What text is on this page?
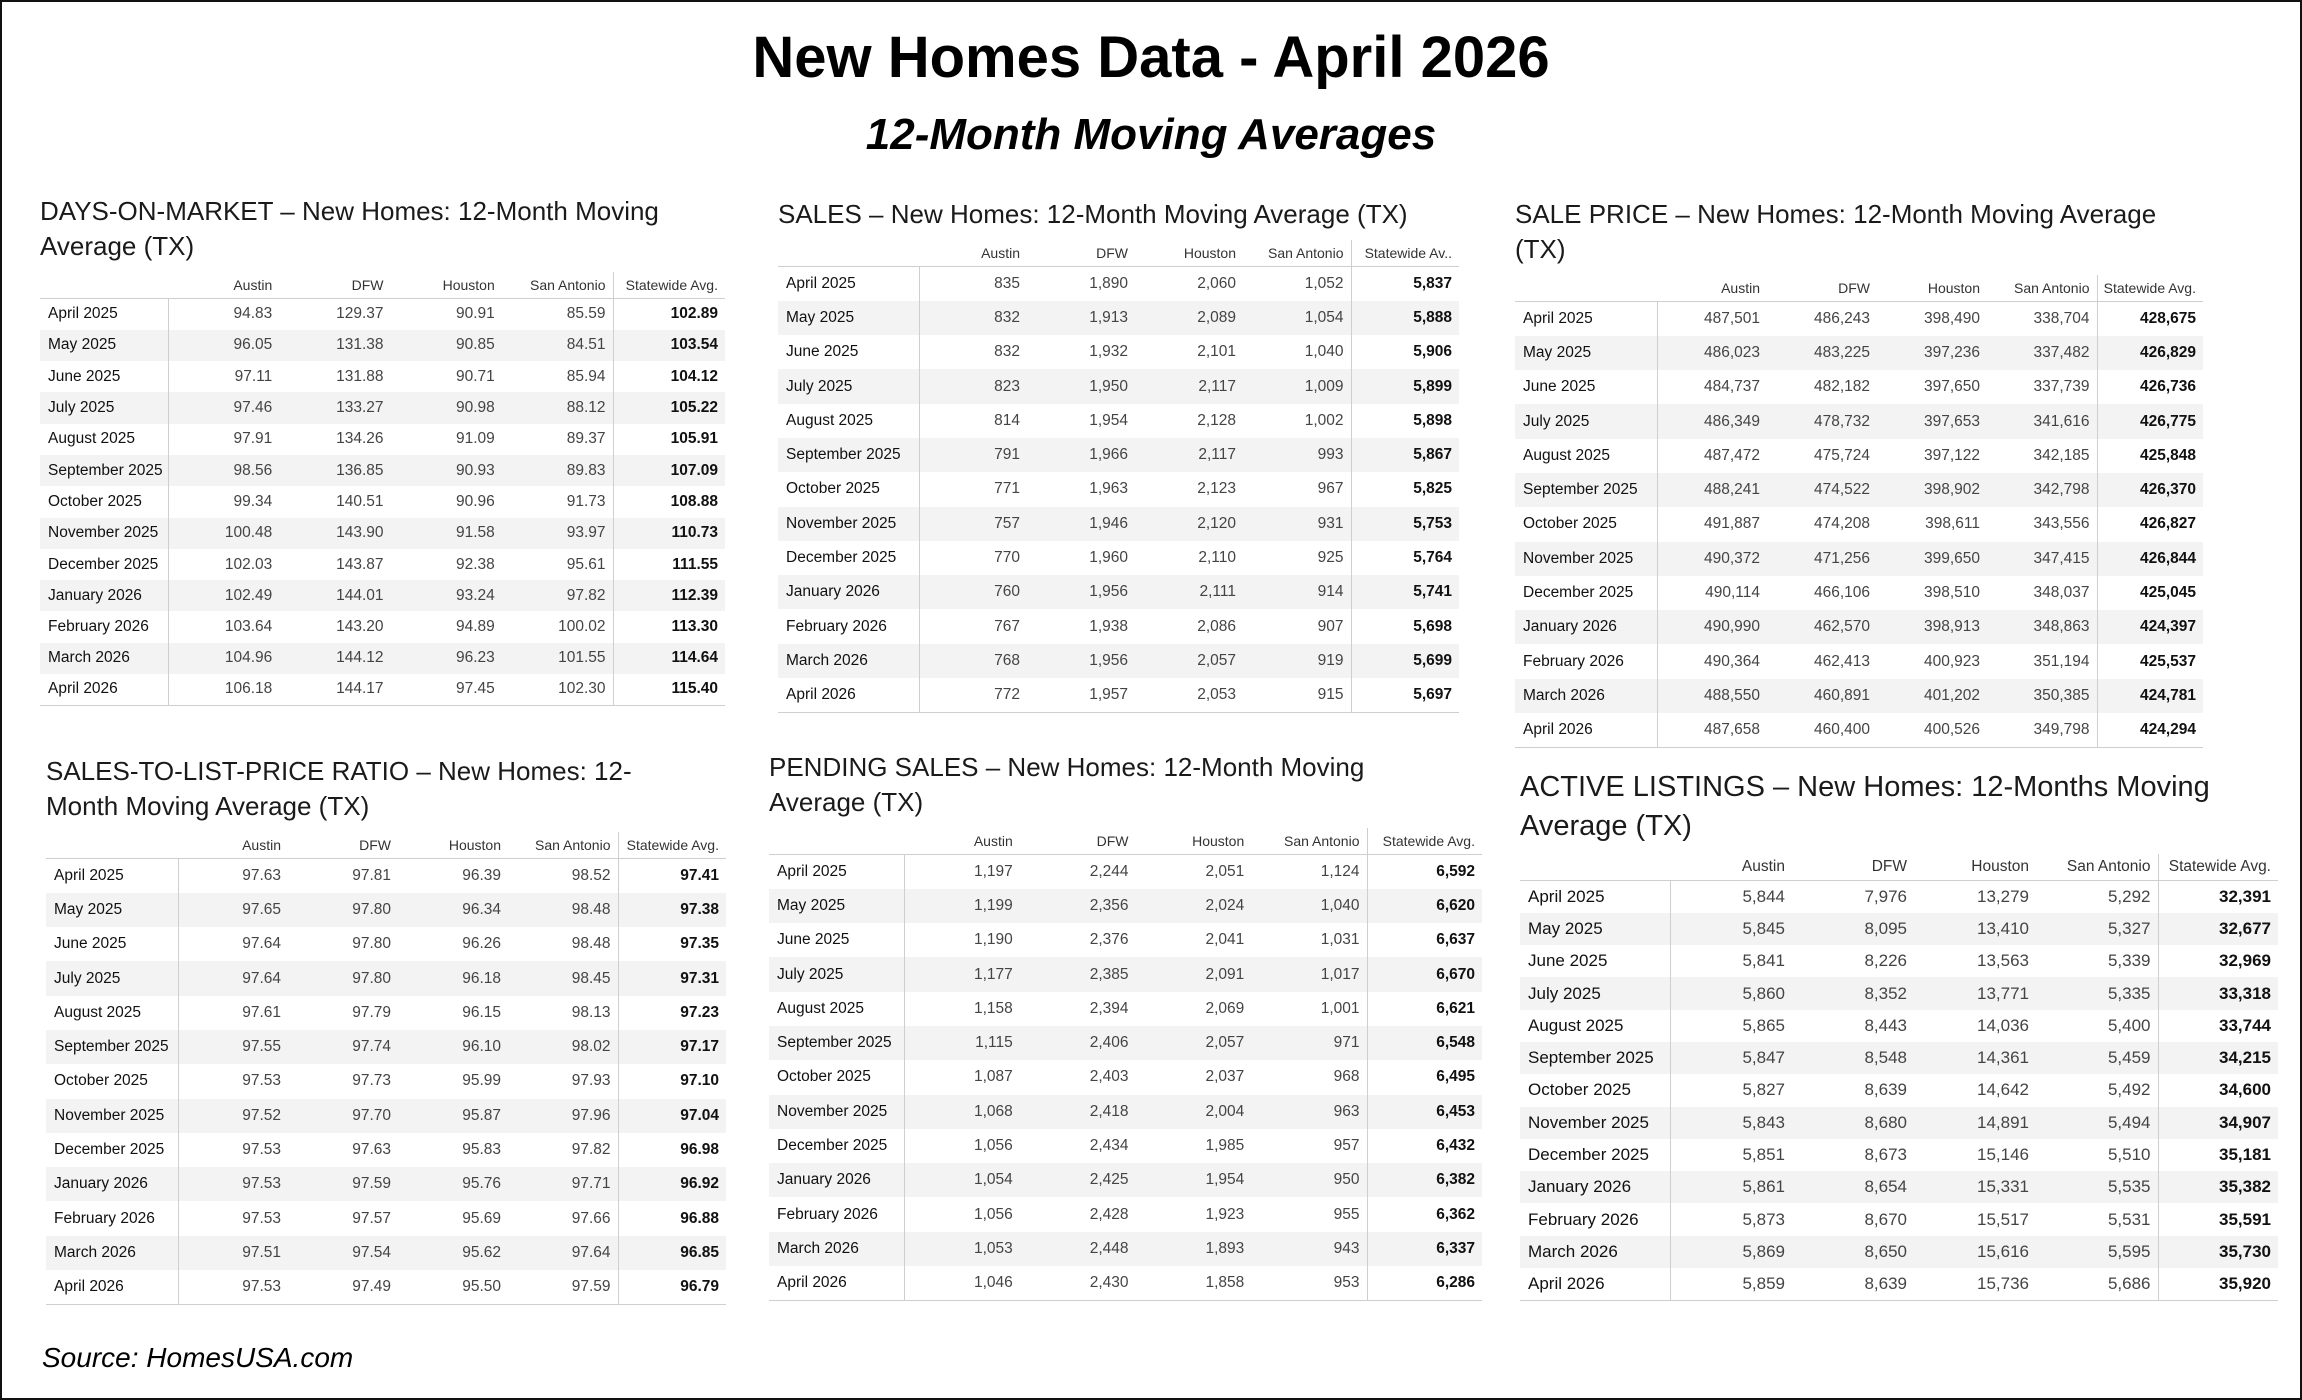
New Homes Data - April 2026
12-Month Moving Averages
DAYS-ON-MARKET – New Homes: 12-Month Moving Average (TX)
	Austin	DFW	Houston	San Antonio	Statewide Avg.
April 2025	94.83	129.37	90.91	85.59	102.89
May 2025	96.05	131.38	90.85	84.51	103.54
June 2025	97.11	131.88	90.71	85.94	104.12
July 2025	97.46	133.27	90.98	88.12	105.22
August 2025	97.91	134.26	91.09	89.37	105.91
September 2025	98.56	136.85	90.93	89.83	107.09
October 2025	99.34	140.51	90.96	91.73	108.88
November 2025	100.48	143.90	91.58	93.97	110.73
December 2025	102.03	143.87	92.38	95.61	111.55
January 2026	102.49	144.01	93.24	97.82	112.39
February 2026	103.64	143.20	94.89	100.02	113.30
March 2026	104.96	144.12	96.23	101.55	114.64
April 2026	106.18	144.17	97.45	102.30	115.40
SALES – New Homes: 12-Month Moving Average (TX)
	Austin	DFW	Houston	San Antonio	Statewide Av..
April 2025	835	1,890	2,060	1,052	5,837
May 2025	832	1,913	2,089	1,054	5,888
June 2025	832	1,932	2,101	1,040	5,906
July 2025	823	1,950	2,117	1,009	5,899
August 2025	814	1,954	2,128	1,002	5,898
September 2025	791	1,966	2,117	993	5,867
October 2025	771	1,963	2,123	967	5,825
November 2025	757	1,946	2,120	931	5,753
December 2025	770	1,960	2,110	925	5,764
January 2026	760	1,956	2,111	914	5,741
February 2026	767	1,938	2,086	907	5,698
March 2026	768	1,956	2,057	919	5,699
April 2026	772	1,957	2,053	915	5,697
SALE PRICE – New Homes: 12-Month Moving Average (TX)
	Austin	DFW	Houston	San Antonio	Statewide Avg.
April 2025	487,501	486,243	398,490	338,704	428,675
May 2025	486,023	483,225	397,236	337,482	426,829
June 2025	484,737	482,182	397,650	337,739	426,736
July 2025	486,349	478,732	397,653	341,616	426,775
August 2025	487,472	475,724	397,122	342,185	425,848
September 2025	488,241	474,522	398,902	342,798	426,370
October 2025	491,887	474,208	398,611	343,556	426,827
November 2025	490,372	471,256	399,650	347,415	426,844
December 2025	490,114	466,106	398,510	348,037	425,045
January 2026	490,990	462,570	398,913	348,863	424,397
February 2026	490,364	462,413	400,923	351,194	425,537
March 2026	488,550	460,891	401,202	350,385	424,781
April 2026	487,658	460,400	400,526	349,798	424,294
SALES-TO-LIST-PRICE RATIO – New Homes: 12-Month Moving Average (TX)
	Austin	DFW	Houston	San Antonio	Statewide Avg.
April 2025	97.63	97.81	96.39	98.52	97.41
May 2025	97.65	97.80	96.34	98.48	97.38
June 2025	97.64	97.80	96.26	98.48	97.35
July 2025	97.64	97.80	96.18	98.45	97.31
August 2025	97.61	97.79	96.15	98.13	97.23
September 2025	97.55	97.74	96.10	98.02	97.17
October 2025	97.53	97.73	95.99	97.93	97.10
November 2025	97.52	97.70	95.87	97.96	97.04
December 2025	97.53	97.63	95.83	97.82	96.98
January 2026	97.53	97.59	95.76	97.71	96.92
February 2026	97.53	97.57	95.69	97.66	96.88
March 2026	97.51	97.54	95.62	97.64	96.85
April 2026	97.53	97.49	95.50	97.59	96.79
PENDING SALES – New Homes: 12-Month Moving Average (TX)
	Austin	DFW	Houston	San Antonio	Statewide Avg.
April 2025	1,197	2,244	2,051	1,124	6,592
May 2025	1,199	2,356	2,024	1,040	6,620
June 2025	1,190	2,376	2,041	1,031	6,637
July 2025	1,177	2,385	2,091	1,017	6,670
August 2025	1,158	2,394	2,069	1,001	6,621
September 2025	1,115	2,406	2,057	971	6,548
October 2025	1,087	2,403	2,037	968	6,495
November 2025	1,068	2,418	2,004	963	6,453
December 2025	1,056	2,434	1,985	957	6,432
January 2026	1,054	2,425	1,954	950	6,382
February 2026	1,056	2,428	1,923	955	6,362
March 2026	1,053	2,448	1,893	943	6,337
April 2026	1,046	2,430	1,858	953	6,286
ACTIVE LISTINGS – New Homes: 12-Months Moving Average (TX)
	Austin	DFW	Houston	San Antonio	Statewide Avg.
April 2025	5,844	7,976	13,279	5,292	32,391
May 2025	5,845	8,095	13,410	5,327	32,677
June 2025	5,841	8,226	13,563	5,339	32,969
July 2025	5,860	8,352	13,771	5,335	33,318
August 2025	5,865	8,443	14,036	5,400	33,744
September 2025	5,847	8,548	14,361	5,459	34,215
October 2025	5,827	8,639	14,642	5,492	34,600
November 2025	5,843	8,680	14,891	5,494	34,907
December 2025	5,851	8,673	15,146	5,510	35,181
January 2026	5,861	8,654	15,331	5,535	35,382
February 2026	5,873	8,670	15,517	5,531	35,591
March 2026	5,869	8,650	15,616	5,595	35,730
April 2026	5,859	8,639	15,736	5,686	35,920
Source: HomesUSA.com
